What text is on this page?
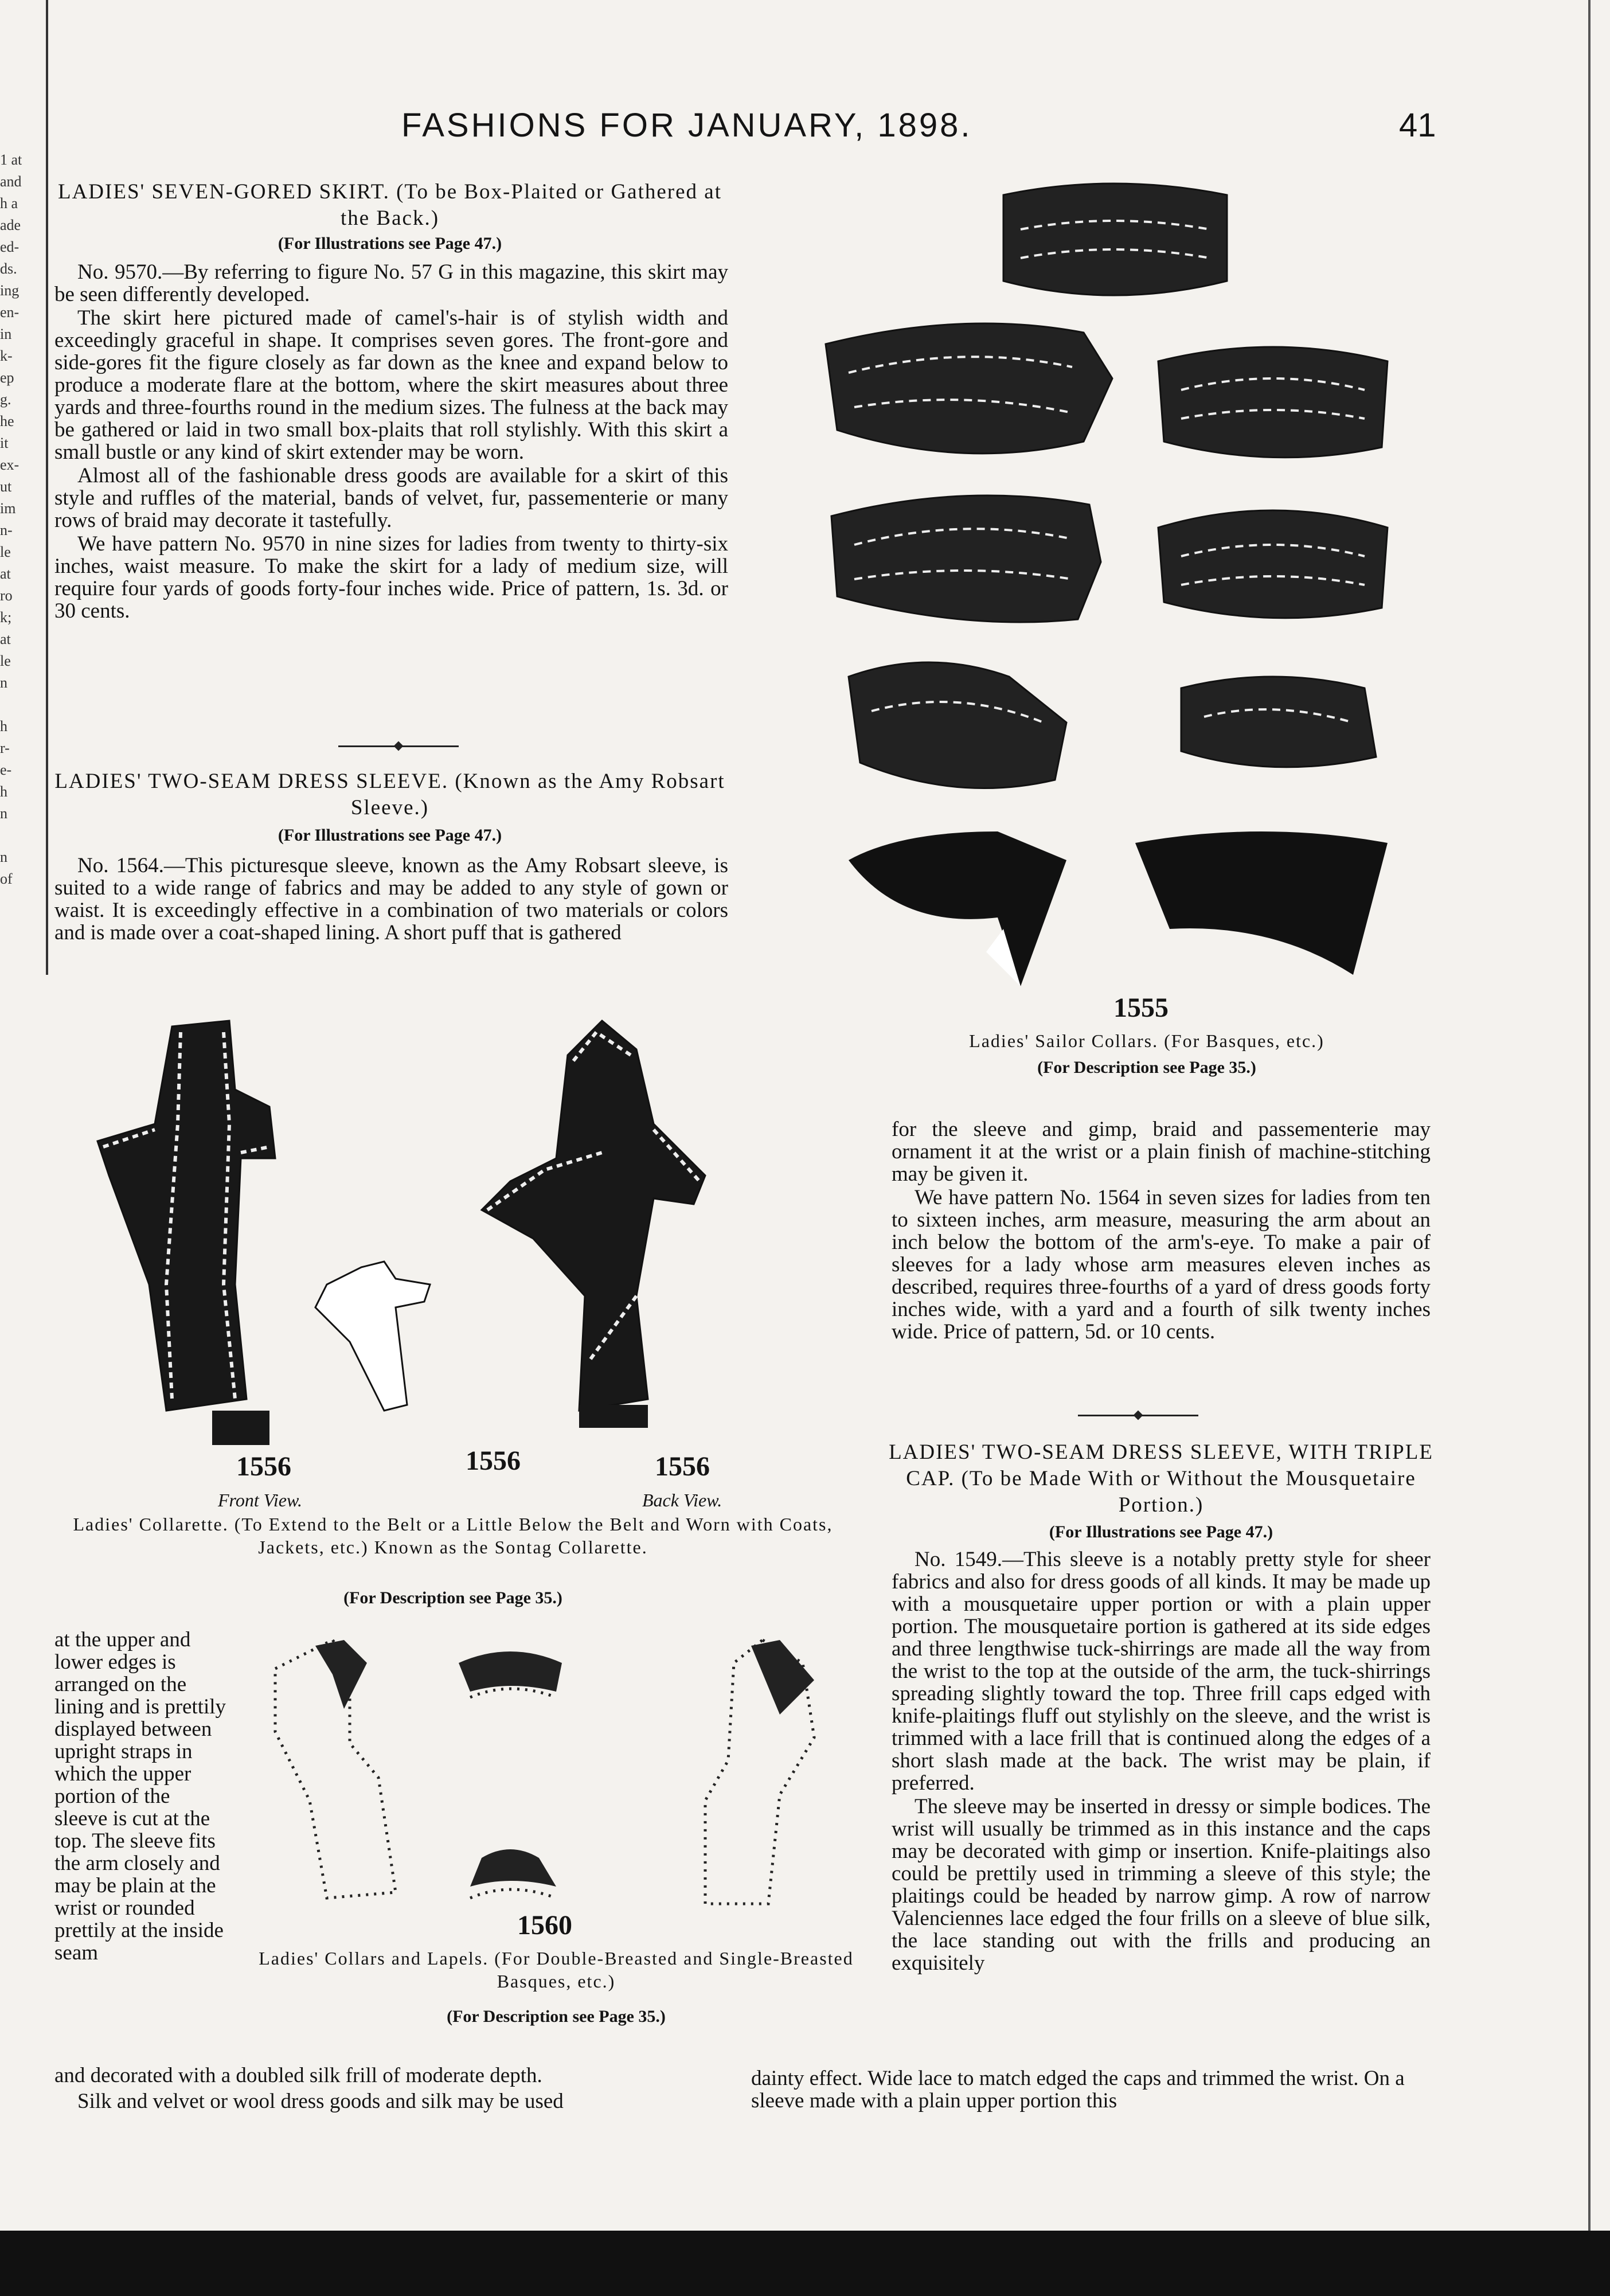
1 at
and
h a
ade
ed-
ds.
ing
en-
in
k-
ep
g.
he
it
ex-
ut
im
n-
le
at
ro
k;
at
le
n

h
r-
e-
h
n

n
of
FASHIONS FOR JANUARY, 1898.	41
LADIES' SEVEN-GORED SKIRT. (To be Box-Plaited or Gathered at the Back.)
(For Illustrations see Page 47.)

No. 9570.—By referring to figure No. 57 G in this magazine, this skirt may be seen differently developed.

The skirt here pictured made of camel's-hair is of stylish width and exceedingly graceful in shape. It comprises seven gores. The front-gore and side-gores fit the figure closely as far down as the knee and expand below to produce a moderate flare at the bottom, where the skirt measures about three yards and three-fourths round in the medium sizes. The fulness at the back may be gathered or laid in two small box-plaits that roll stylishly. With this skirt a small bustle or any kind of skirt extender may be worn.

Almost all of the fashionable dress goods are available for a skirt of this style and ruffles of the material, bands of velvet, fur, passementerie or many rows of braid may decorate it tastefully.

We have pattern No. 9570 in nine sizes for ladies from twenty to thirty-six inches, waist measure. To make the skirt for a lady of medium size, will require four yards of goods forty-four inches wide. Price of pattern, 1s. 3d. or 30 cents.

LADIES' TWO-SEAM DRESS SLEEVE. (Known as the Amy Robsart Sleeve.)
(For Illustrations see Page 47.)

No. 1564.—This picturesque sleeve, known as the Amy Robsart sleeve, is suited to a wide range of fabrics and may be added to any style of gown or waist. It is exceedingly effective in a combination of two materials or colors and is made over a coat-shaped lining. A short puff that is gathered

1555
Ladies' Sailor Collars. (For Basques, etc.)
(For Description see Page 35.)
1556	1556	1556
Front View.	Back View.
Ladies' Collarette. (To Extend to the Belt or a Little Below the Belt and Worn with Coats, Jackets, etc.) Known as the Sontag Collarette.
(For Description see Page 35.)
at the upper and lower edges is arranged on the lining and is prettily displayed between upright straps in which the upper portion of the sleeve is cut at the top. The sleeve fits the arm closely and may be plain at the wrist or rounded prettily at the inside seam
and decorated with a doubled silk frill of moderate depth.
Silk and velvet or wool dress goods and silk may be used
1560
Ladies' Collars and Lapels. (For Double-Breasted and Single-Breasted Basques, etc.)
(For Description see Page 35.)

for the sleeve and gimp, braid and passementerie may ornament it at the wrist or a plain finish of machine-stitching may be given it.

We have pattern No. 1564 in seven sizes for ladies from ten to sixteen inches, arm measure, measuring the arm about an inch below the bottom of the arm's-eye. To make a pair of sleeves for a lady whose arm measures eleven inches as described, requires three-fourths of a yard of dress goods forty inches wide, with a yard and a fourth of silk twenty inches wide. Price of pattern, 5d. or 10 cents.

LADIES' TWO-SEAM DRESS SLEEVE, WITH TRIPLE CAP. (To be Made With or Without the Mousquetaire Portion.)
(For Illustrations see Page 47.)

No. 1549.—This sleeve is a notably pretty style for sheer fabrics and also for dress goods of all kinds. It may be made up with a mousquetaire upper portion or with a plain upper portion. The mousquetaire portion is gathered at its side edges and three lengthwise tuck-shirrings are made all the way from the wrist to the top at the outside of the arm, the tuck-shirrings spreading slightly toward the top. Three frill caps edged with knife-plaitings fluff out stylishly on the sleeve, and the wrist is trimmed with a lace frill that is continued along the edges of a short slash made at the back. The wrist may be plain, if preferred.

The sleeve may be inserted in dressy or simple bodices. The wrist will usually be trimmed as in this instance and the caps may be decorated with gimp or insertion. Knife-plaitings also could be prettily used in trimming a sleeve of this style; the plaitings could be headed by narrow gimp. A row of narrow Valenciennes lace edged the four frills on a sleeve of blue silk, the lace standing out with the frills and producing an exquisitely

dainty effect. Wide lace to match edged the caps and trimmed the wrist. On a sleeve made with a plain upper portion this
